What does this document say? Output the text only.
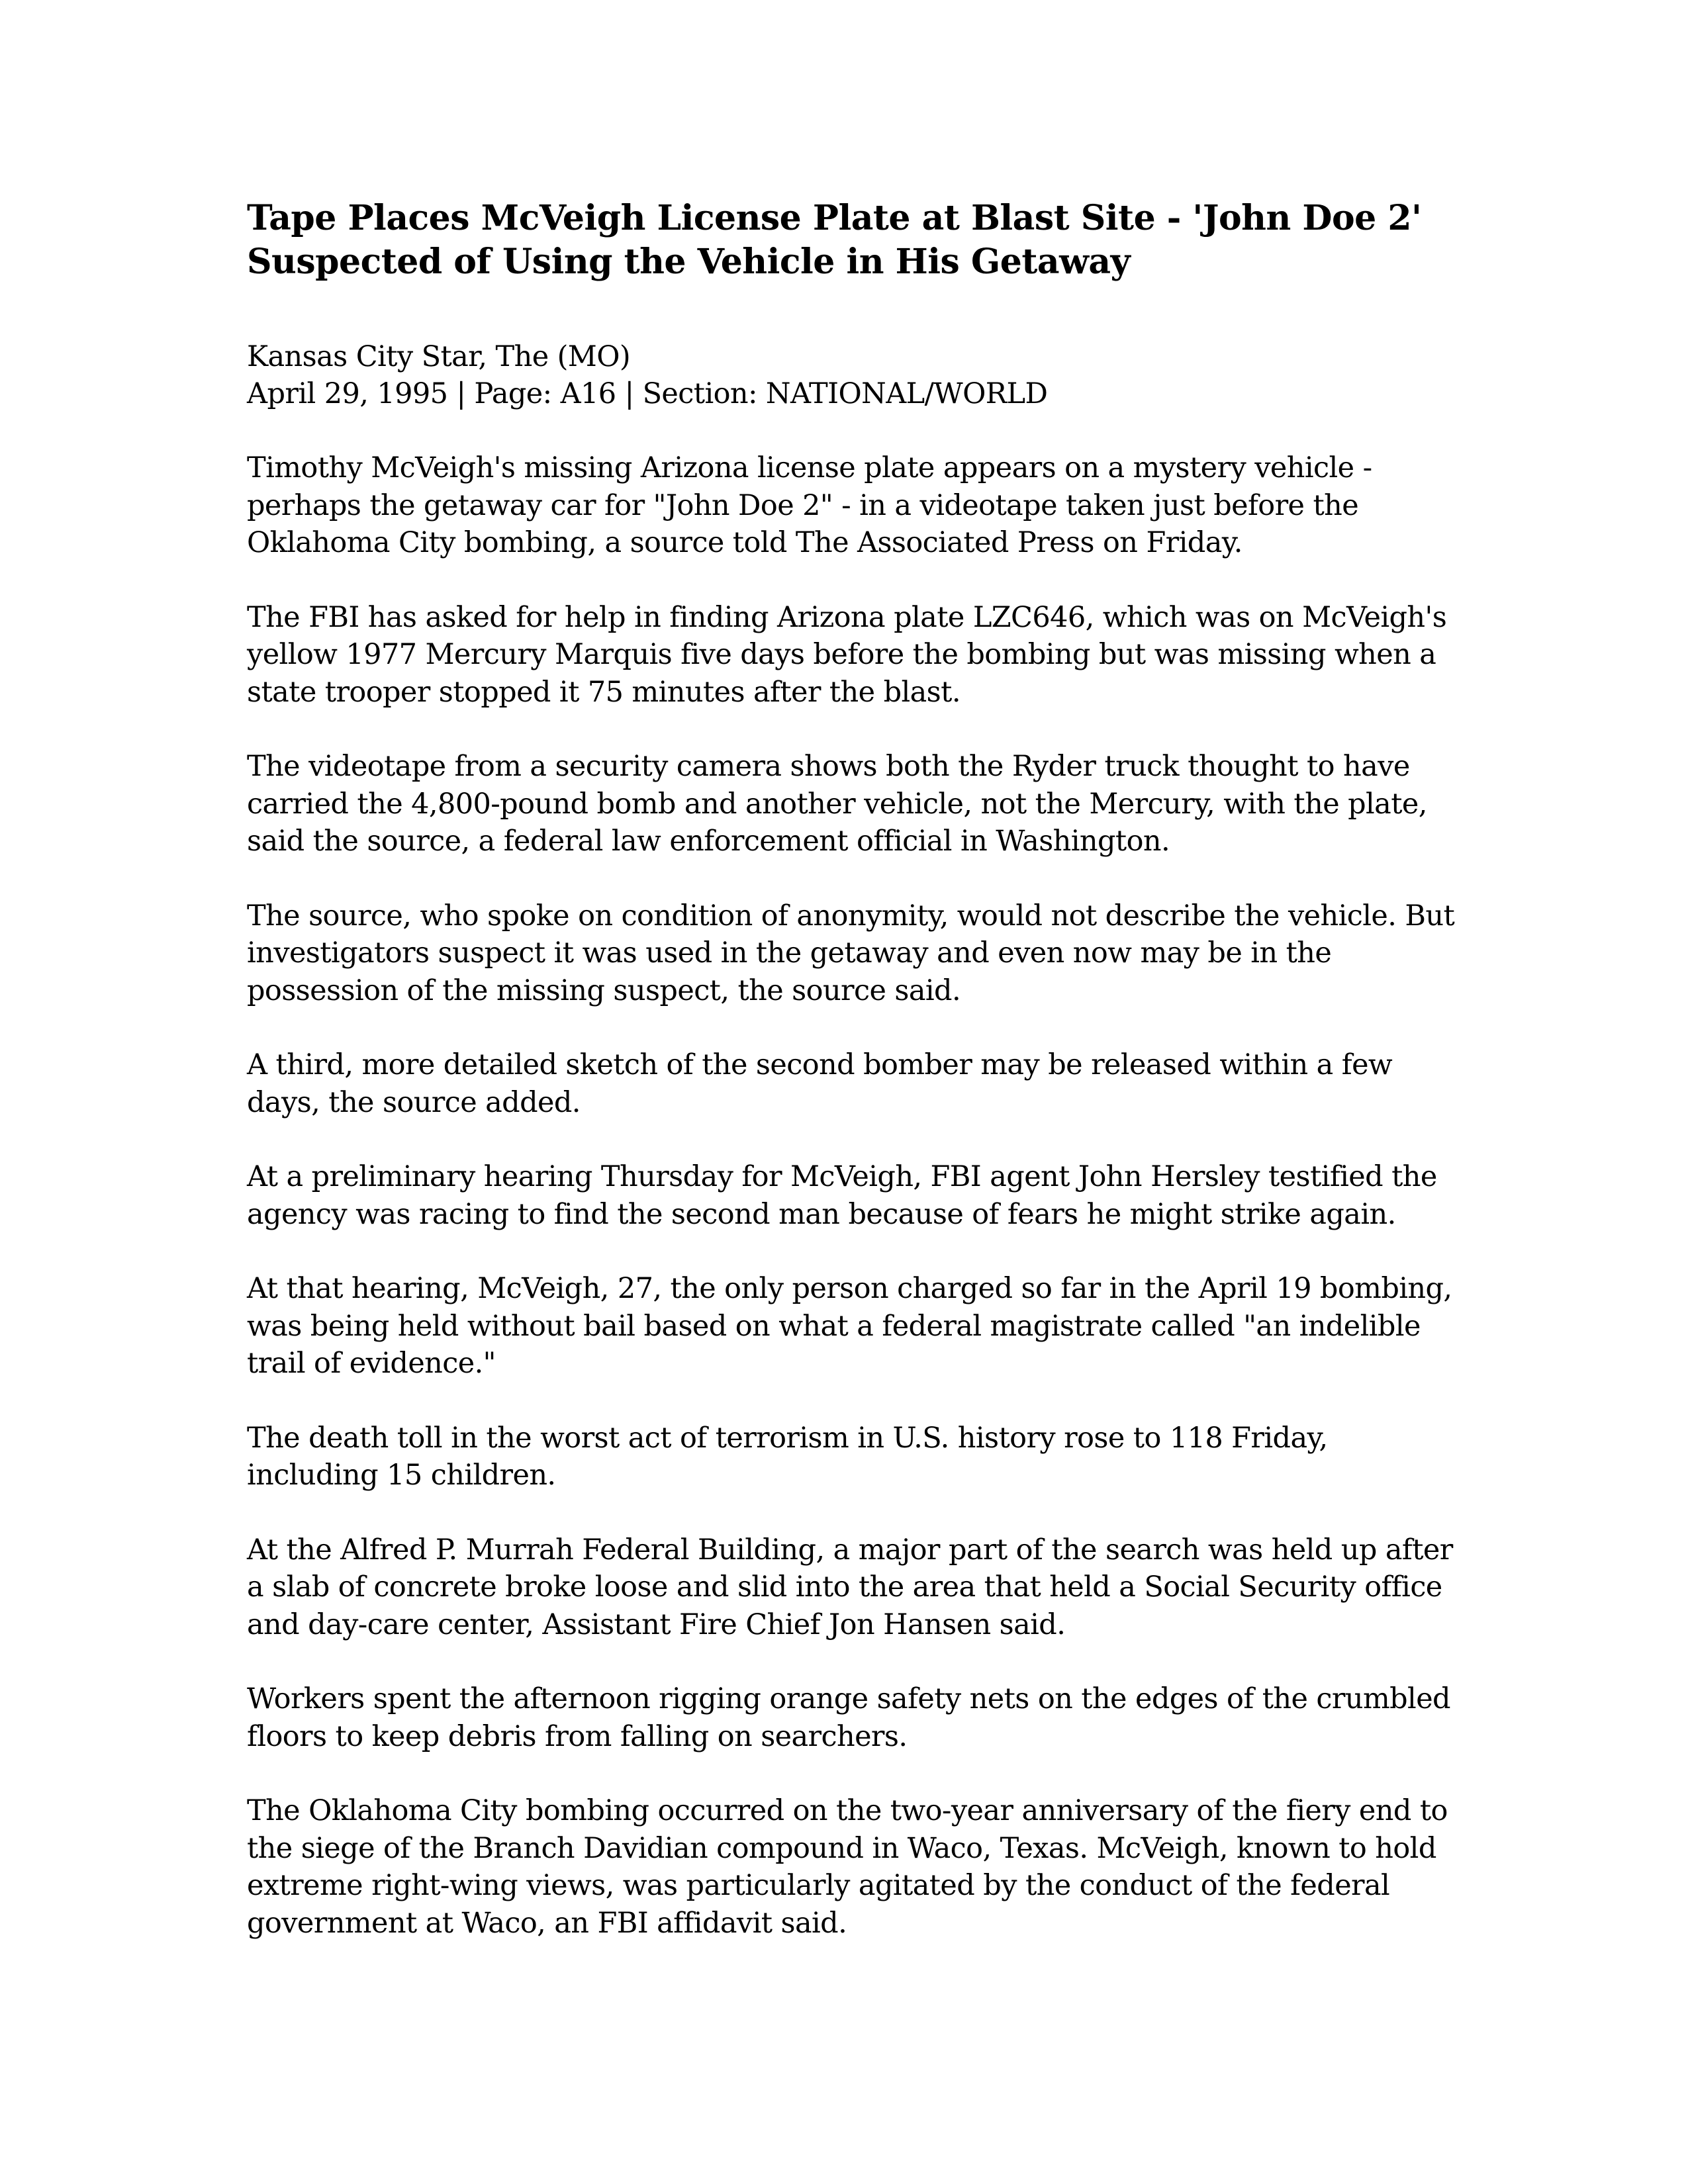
Tape Places McVeigh License Plate at Blast Site - 'John Doe 2' Suspected of Using the Vehicle in His Getaway
Kansas City Star, The (MO)
April 29, 1995 | Page: A16 | Section: NATIONAL/WORLD

Timothy McVeigh's missing Arizona license plate appears on a mystery vehicle - perhaps the getaway car for "John Doe 2" - in a videotape taken just before the Oklahoma City bombing, a source told The Associated Press on Friday.

The FBI has asked for help in finding Arizona plate LZC646, which was on McVeigh's yellow 1977 Mercury Marquis five days before the bombing but was missing when a state trooper stopped it 75 minutes after the blast.

The videotape from a security camera shows both the Ryder truck thought to have carried the 4,800-pound bomb and another vehicle, not the Mercury, with the plate, said the source, a federal law enforcement official in Washington.

The source, who spoke on condition of anonymity, would not describe the vehicle. But investigators suspect it was used in the getaway and even now may be in the possession of the missing suspect, the source said.

A third, more detailed sketch of the second bomber may be released within a few days, the source added.

At a preliminary hearing Thursday for McVeigh, FBI agent John Hersley testified the agency was racing to find the second man because of fears he might strike again.

At that hearing, McVeigh, 27, the only person charged so far in the April 19 bombing, was being held without bail based on what a federal magistrate called "an indelible trail of evidence."

The death toll in the worst act of terrorism in U.S. history rose to 118 Friday, including 15 children.

At the Alfred P. Murrah Federal Building, a major part of the search was held up after a slab of concrete broke loose and slid into the area that held a Social Security office and day-care center, Assistant Fire Chief Jon Hansen said.

Workers spent the afternoon rigging orange safety nets on the edges of the crumbled floors to keep debris from falling on searchers.

The Oklahoma City bombing occurred on the two-year anniversary of the fiery end to the siege of the Branch Davidian compound in Waco, Texas. McVeigh, known to hold extreme right-wing views, was particularly agitated by the conduct of the federal government at Waco, an FBI affidavit said.
